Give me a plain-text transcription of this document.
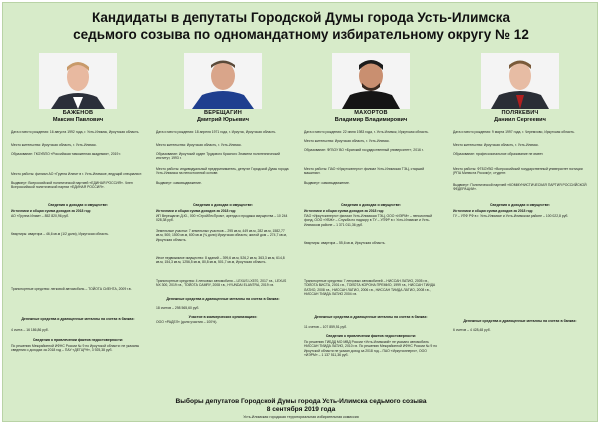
Кандидаты в депутаты Городской Думы города Усть-Илимска
седьмого созыва по одномандатному избирательному округу № 12
БАЖЕНОВ
Максим Павлович
Дата и место рождения: 16 августа 1992 года, г. Усть-Илимск, Иркутская область.
Место жительства: Иркутская область, г. Усть-Илимск.
Образование: ГКОУВПО «Российская таможенная академия», 2019 г.
Место работы: филиал АО «Группа Илим» в г. Усть-Илимске, ведущий специалист.
Выдвинут: Всероссийской политической партией «ЕДИНАЯ РОССИЯ». Член Всероссийской политической партии «ЕДИНАЯ РОССИЯ».
Сведения о доходах и имуществе:
Источники и общая сумма доходов за 2018 год:
АО «Группа Илим» – 852 820,96 руб.
Квартиры: квартира – 46,6 кв.м (1/2 доли), Иркутская область.
Транспортные средства: легковой автомобиль – ТОЙОТА СИЕНТА, 2009 г.в.
Денежные средства и драгоценные металлы на счетах в банках:
4 счета – 16 186,86 руб.
Сведения о привлечении фактов недостоверности:
По решению Межрайонной ИФНС России № 9 по Иркутской области: не указаны сведения о доходах за 2018 год – ПАУ «ДЕГЦРН», 3 925,38 руб.
ВЕРЕЩАГИН
Дмитрий Юрьевич
Дата и место рождения: 18 апреля 1971 года, г. Иркутск, Иркутская область.
Место жительства: Иркутская область, г. Усть-Илимск.
Образование: Иркутский орден Трудового Красного Знамени политехнический институт, 1993 г.
Место работы: индивидуальный предприниматель, депутат Городской Думы города Усть-Илимска на непостоянной основе.
Выдвинут: самовыдвижение.
Сведения о доходах и имуществе:
Источники и общая сумма доходов за 2018 год:
ИП Верещагин Д.Ю., 000 «СтройЛесПром», аренда и продажа имущества – 10 244 028,38 руб.
Земельные участки: 7 земельных участков – 295 кв.м, 449 кв.м, 282 кв.м, 1582,77 кв.м, 500; 1500 кв.м, 600 кв.м (¾ доли) Иркутская область; жилой дом – 274,7 кв.м, Иркутская область.
Иное недвижимое имущество: 8 зданий – 399,6 кв.м, 526,2 кв.м, 363,3 кв.м, 614,8 кв.м, 154,3 кв.м, 1256,5 кв.м, 80,8 кв.м, 501,7 кв.м, Иркутская область.
Транспортные средства: 4 легковых автомобиля – LEXUS LX570, 2017 г.в., LEXUS NX 300, 2019 г.в., ТОЙОТА CAMRY, 2008 г.в., HYUNDAI ELANTRA, 2019 г.в.
Денежные средства и драгоценные металлы на счетах в банках:
18 счетов – 298 565,60 руб.
Участие в коммерческих организациях:
ООО «РАДЕЛ» (доля участия – 100%).
МАХОРТОВ
Владимир Владимирович
Дата и место рождения: 22 июня 1983 года, г. Усть-Илимск, Иркутская область.
Место жительства: Иркутская область, г. Усть-Илимск.
Образование: ФГБОУ ВО «Братский государственный университет», 2016 г.
Место работы: ПАО «Иркутскэнерго» филиал Усть-Илимская ТЭЦ, старший машинист.
Выдвинут: самовыдвижение.
Сведения о доходах и имуществе:
Источники и общая сумма доходов за 2018 год:
ПАО «Иркутскэнерго» филиал Усть-Илимская ТЭЦ, ООО «ИЭРМ» – пенсионный фонд, ООО «УВЖ» – Служба по надзору в ТУ – УПФР в г. Усть-Илимске и Усть-Илимском районе – 1 371 011,36 руб.
Квартиры: квартира – 55,6 кв.м, Иркутская область.
Транспортные средства: 7 легковых автомобилей – НИССАН ЛАТИО, 2005 г.в., ТОЙОТА ВИСТА, 2001 г.в., ТОЙОТА КОРОНА ПРЕМИО, 1999 г.в., НИССАН ТИИДА ЛАТИО, 2008 г.в., НИССАН ЛАТИО, 2006 г.в., НИССАН ТИИДА ЛАТИО, 2008 г.в., НИССАН ТИИДА ЛАТИО 2004 г.в.
Денежные средства и драгоценные металлы на счетах в банках:
11 счетов – 107 859,51 руб.
Сведения о привлечении фактов недостоверности:
По решению ГИБДД МО МВД России «Усть-Илимский» не указано автомобиль НИССАН ТИИДА ЛАТИО, 2010 г.в. По решению Межрайонной ИФНС России № 9 по Иркутской области не указан доход за 2018 год – ПАО «Иркутскэнерго», ООО «ИЭРМ» – 1 137 511,36 руб.
ПОЛЯКЕВИЧ
Даниил Сергеевич
Дата и место рождения: 9 марта 1997 года, г. Черемхово, Иркутская область.
Место жительства: Иркутская область, г. Усть-Илимск.
Образование: профессиональное образование не имеет.
Место работы: ФГБОУВО «Всероссийский государственный университет юстиции (РПА Минюста России)», студент.
Выдвинут: Политической партией «КОММУНИСТИЧЕСКАЯ ПАРТИЯ РОССИЙСКОЙ ФЕДЕРАЦИИ».
Сведения о доходах и имуществе:
Источники и общая сумма доходов за 2018 год:
ГУ – УПФ РФ в г. Усть-Илимске и Усть-Илимском районе – 100 022,8 руб.
Денежные средства и драгоценные металлы на счетах в банках:
6 счетов – 4 428,48 руб.
Выборы депутатов Городской Думы города Усть-Илимска седьмого созыва
8 сентября 2019 года
Усть-Илимская городская территориальная избирательная комиссия
